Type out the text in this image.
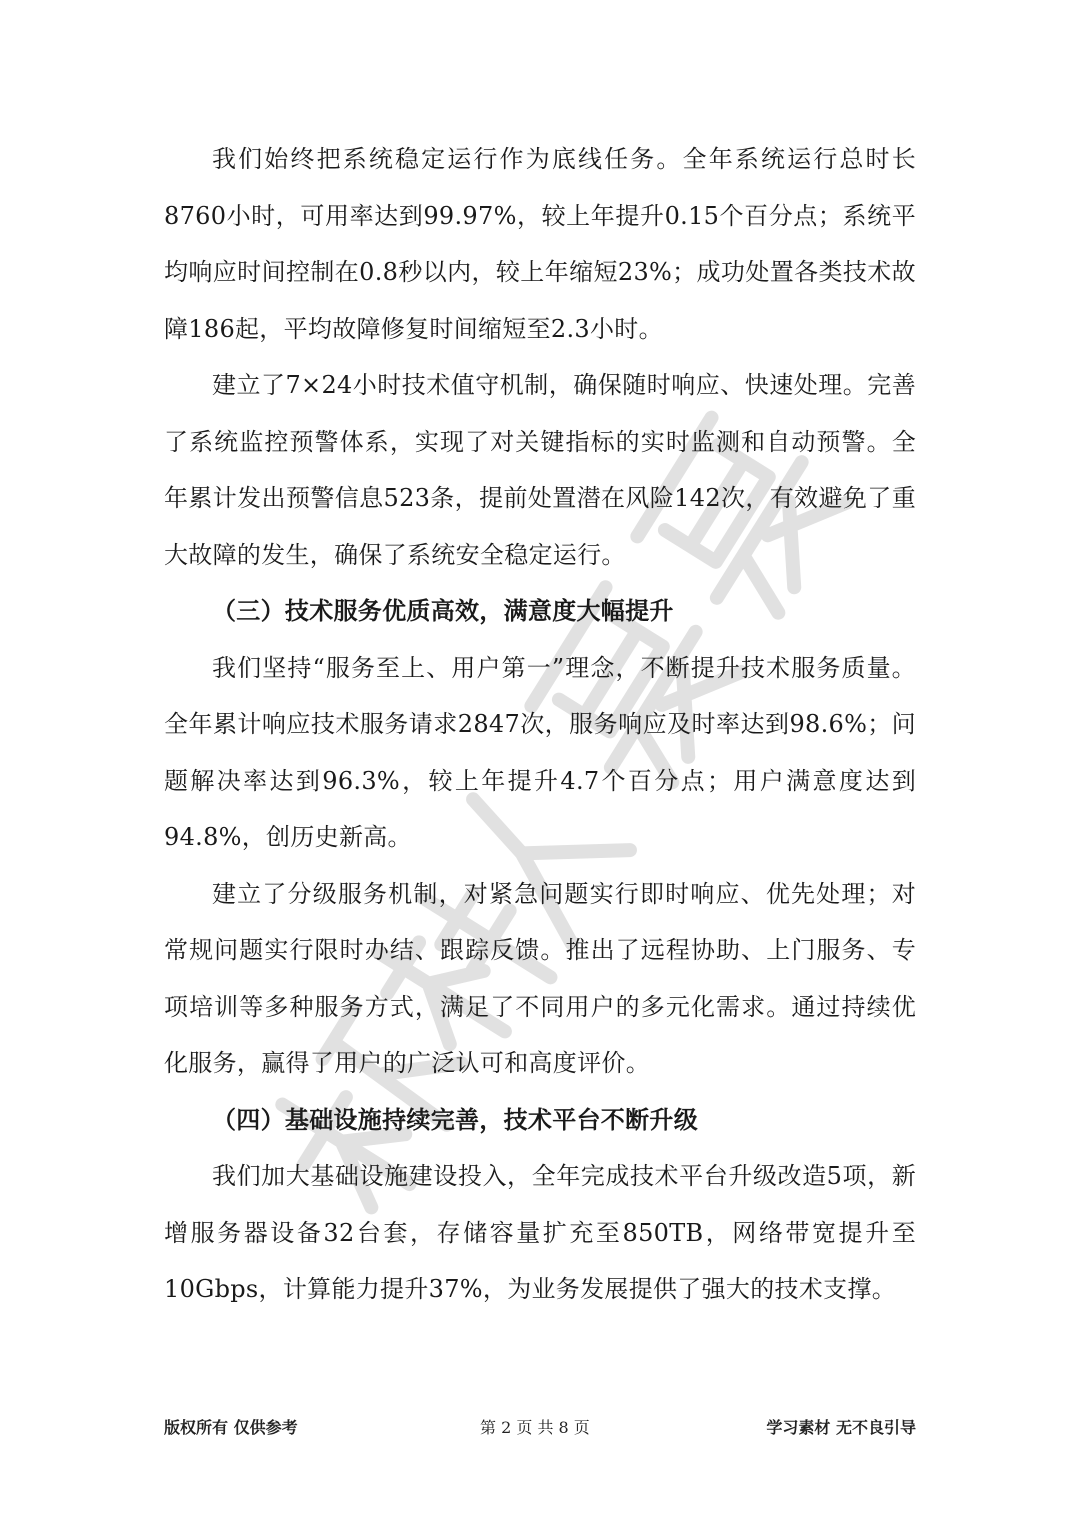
我们始终把系统稳定运行作为底线任务。全年系统运行总时长8760小时，可用率达到99.97%，较上年提升0.15个百分点；系统平均响应时间控制在0.8秒以内，较上年缩短23%；成功处置各类技术故障186起，平均故障修复时间缩短至2.3小时。

建立了7×24小时技术值守机制，确保随时响应、快速处理。完善了系统监控预警体系，实现了对关键指标的实时监测和自动预警。全年累计发出预警信息523条，提前处置潜在风险142次，有效避免了重大故障的发生，确保了系统安全稳定运行。

（三）技术服务优质高效，满意度大幅提升

我们坚持“服务至上、用户第一”理念，不断提升技术服务质量。全年累计响应技术服务请求2847次，服务响应及时率达到98.6%；问题解决率达到96.3%，较上年提升4.7个百分点；用户满意度达到94.8%，创历史新高。

建立了分级服务机制，对紧急问题实行即时响应、优先处理；对常规问题实行限时办结、跟踪反馈。推出了远程协助、上门服务、专项培训等多种服务方式，满足了不同用户的多元化需求。通过持续优化服务，赢得了用户的广泛认可和高度评价。

（四）基础设施持续完善，技术平台不断升级

我们加大基础设施建设投入，全年完成技术平台升级改造5项，新增服务器设备32台套，存储容量扩充至850TB，网络带宽提升至10Gbps，计算能力提升37%，为业务发展提供了强大的技术支撑。

版权所有 仅供参考	第 2 页 共 8 页	学习素材 无不良引导
